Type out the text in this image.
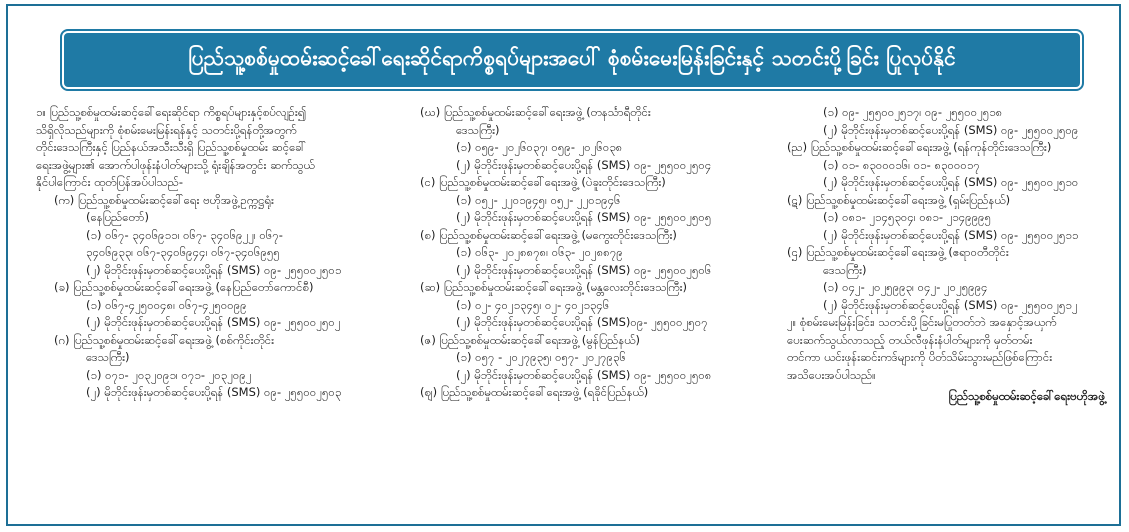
ပြည်သူ့စစ်မှုထမ်းဆင့်ခေါ်ရေးဆိုင်ရာကိစ္စရပ်များအပေါ် စုံစမ်းမေးမြန်းခြင်းနှင့် သတင်းပို့ခြင်း ပြုလုပ်နိုင်
၁။ ပြည်သူ့စစ်မှုထမ်းဆင့်ခေါ်ရေးဆိုင်ရာ ကိစ္စရပ်များနှင့်စပ်လျဉ်း၍
သိရှိလိုသည်များကို စုံစမ်းမေးမြန်းရန်နှင့် သတင်းပို့ရန်တို့အတွက်
တိုင်းဒေသကြီးနှင့် ပြည်နယ်အသီးသီးရှိ ပြည်သူ့စစ်မှုထမ်း ဆင့်ခေါ်
ရေးအဖွဲ့များ၏ အောက်ပါဖုန်းနံပါတ်များသို့ ရုံးချိန်အတွင်း ဆက်သွယ်
နိုင်ပါကြောင်း ထုတ်ပြန်အပ်ပါသည်-
(က) ပြည်သူ့စစ်မှုထမ်းဆင့်ခေါ်ရေး ဗဟိုအဖွဲ့ဥက္ကဋ္ဌရုံး
(နေပြည်တော်)
(၁) ၀၆၇- ၃၄၀၆၉၁၁၊ ၀၆၇- ၃၄၀၆၉၂၂၊ ၀၆၇-
၃၄၀၆၉၃၃၊ ၀၆၇-၃၄၀၆၉၄၄၊ ၀၆၇-၃၄၀၆၉၅၅
(၂) မိုဘိုင်းဖုန်းမှတစ်ဆင့်ပေးပို့ရန် (SMS) ၀၉- ၂၅၅၀၀၂၅၀၁
(ခ) ပြည်သူ့စစ်မှုထမ်းဆင့်ခေါ်ရေးအဖွဲ့ (နေပြည်တော်ကောင်စီ)
(၁) ၀၆၇-၄၂၅၀၀၄၈၊ ၀၆၇-၄၂၅၀၀၉၉
(၂) မိုဘိုင်းဖုန်းမှတစ်ဆင့်ပေးပို့ရန် (SMS) ၀၉- ၂၅၅၀၀၂၅၀၂
(ဂ) ပြည်သူ့စစ်မှုထမ်းဆင့်ခေါ်ရေးအဖွဲ့ (စစ်ကိုင်းတိုင်း
ဒေသကြီး)
(၁) ၀၇၁- ၂၀၃၂၀၉၁၊ ၀၇၁- ၂၀၃၂၀၉၂
(၂) မိုဘိုင်းဖုန်းမှတစ်ဆင့်ပေးပို့ရန် (SMS) ၀၉- ၂၅၅၀၀၂၅၀၃
(ဃ) ပြည်သူ့စစ်မှုထမ်းဆင့်ခေါ်ရေးအဖွဲ့ (တနင်္သာရီတိုင်း
ဒေသကြီး)
(၁) ၀၅၉- ၂၀၂၆၀၃၇၊ ၀၅၉- ၂၀၂၆၀၃၈
(၂) မိုဘိုင်းဖုန်းမှတစ်ဆင့်ပေးပို့ရန် (SMS) ၀၉- ၂၅၅၀၀၂၅၀၄
(င) ပြည်သူ့စစ်မှုထမ်းဆင့်ခေါ်ရေးအဖွဲ့ (ပဲခူးတိုင်းဒေသကြီး)
(၁) ၀၅၂- ၂၂၀၁၉၄၅၊ ၀၅၂- ၂၂၀၁၉၄၆
(၂) မိုဘိုင်းဖုန်းမှတစ်ဆင့်ပေးပို့ရန် (SMS) ၀၉- ၂၅၅၀၀၂၅၀၅
(စ) ပြည်သူ့စစ်မှုထမ်းဆင့်ခေါ်ရေးအဖွဲ့ (မကွေးတိုင်းဒေသကြီး)
(၁) ၀၆၃- ၂၀၂၈၈၇၈၊ ၀၆၃- ၂၀၂၈၈၇၉
(၂) မိုဘိုင်းဖုန်းမှတစ်ဆင့်ပေးပို့ရန် (SMS) ၀၉- ၂၅၅၀၀၂၅၀၆
(ဆ) ပြည်သူ့စစ်မှုထမ်းဆင့်ခေါ်ရေးအဖွဲ့ (မန္တလေးတိုင်းဒေသကြီး)
(၁) ၀၂- ၄၀၂၁၃၄၅၊ ၀၂- ၄၀၂၁၃၄၆
(၂) မိုဘိုင်းဖုန်းမှတစ်ဆင့်ပေးပို့ရန် (SMS)၀၉- ၂၅၅၀၀၂၅၀၇
(ဇ) ပြည်သူ့စစ်မှုထမ်းဆင့်ခေါ်ရေးအဖွဲ့ (မွန်ပြည်နယ်)
(၁) ၀၅၇ - ၂၀၂၇၉၃၅၊ ၀၅၇- ၂၀၂၇၉၃၆
(၂) မိုဘိုင်းဖုန်းမှတစ်ဆင့်ပေးပို့ရန် (SMS) ၀၉- ၂၅၅၀၀၂၅၀၈
(ဈ) ပြည်သူ့စစ်မှုထမ်းဆင့်ခေါ်ရေးအဖွဲ့ (ရခိုင်ပြည်နယ်)
(၁) ၀၉- ၂၅၅၀၀၂၅၁၇၊ ၀၉- ၂၅၅၀၀၂၅၁၈
(၂) မိုဘိုင်းဖုန်းမှတစ်ဆင့်ပေးပို့ရန် (SMS) ၀၉- ၂၅၅၀၀၂၅၀၉
(ည) ပြည်သူ့စစ်မှုထမ်းဆင့်ခေါ်ရေးအဖွဲ့ (ရန်ကုန်တိုင်းဒေသကြီး)
(၁) ၀၁- ၈၃၀၀၀၁၆၊ ၀၁- ၈၃၀၀၀၁၇
(၂) မိုဘိုင်းဖုန်းမှတစ်ဆင့်ပေးပို့ရန် (SMS) ၀၉- ၂၅၅၀၀၂၅၁၀
(ဋ) ပြည်သူ့စစ်မှုထမ်းဆင့်ခေါ်ရေးအဖွဲ့ (ရှမ်းပြည်နယ်)
(၁) ၀၈၁- ၂၁၄၅၃၀၄၊ ၀၈၁- ၂၁၄၉၉၉၅
(၂) မိုဘိုင်းဖုန်းမှတစ်ဆင့်ပေးပို့ရန် (SMS) ၀၉- ၂၅၅၀၀၂၅၁၁
(ဌ) ပြည်သူ့စစ်မှုထမ်းဆင့်ခေါ်ရေးအဖွဲ့ (ဧရာဝတီတိုင်း
ဒေသကြီး)
(၁) ၀၄၂- ၂၀၂၅၉၉၃၊ ၀၄၂- ၂၀၂၅၉၉၄
(၂) မိုဘိုင်းဖုန်းမှတစ်ဆင့်ပေးပို့ရန် (SMS) ၀၉- ၂၅၅၀၀၂၅၁၂
၂။ စုံစမ်းမေးမြန်းခြင်း၊ သတင်းပို့ခြင်းမပြုတတ်ဘဲ အနှောင့်အယှက်
ပေးဆက်သွယ်လာသည့် တယ်လီဖုန်းနံပါတ်များကို မှတ်တမ်း
တင်ကာ ယင်းဖုန်းဆင်းကဒ်များကို ပိတ်သိမ်းသွားမည်ဖြစ်ကြောင်း
အသိပေးအပ်ပါသည်။
ပြည်သူ့စစ်မှုထမ်းဆင့်ခေါ်ရေးဗဟိုအဖွဲ့
